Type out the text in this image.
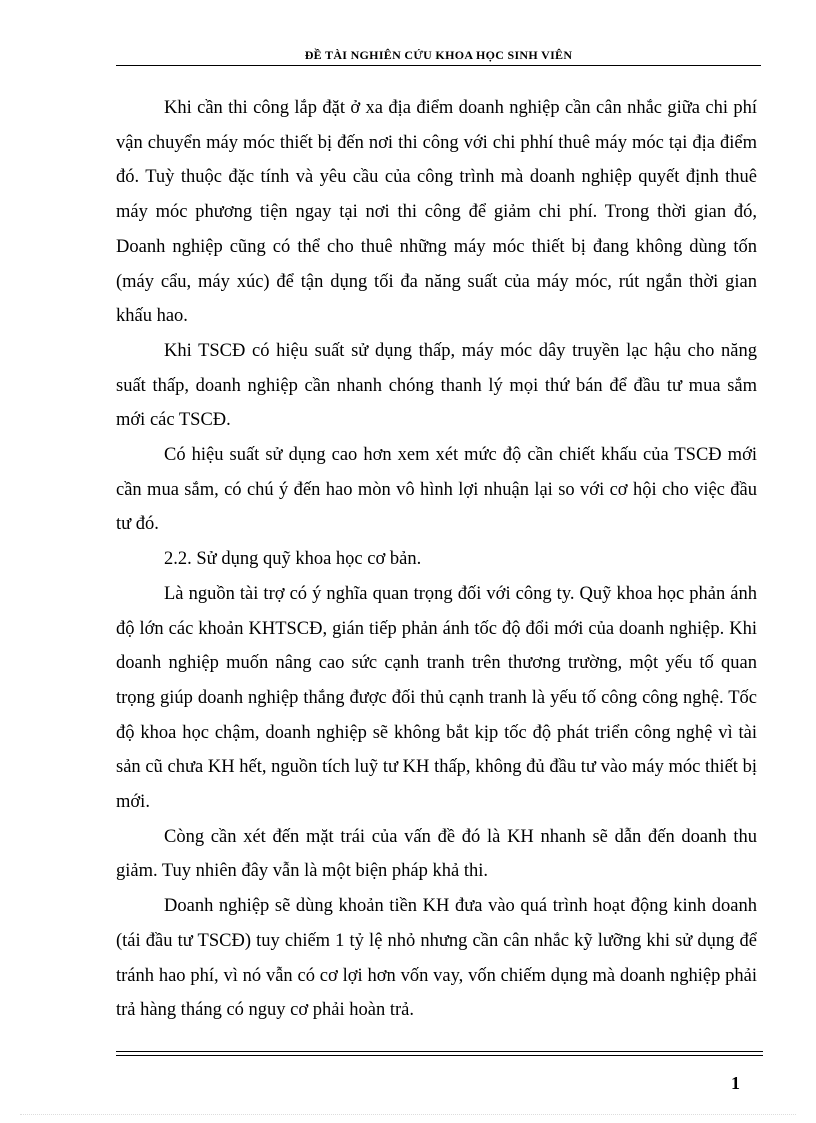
ĐỀ TÀI NGHIÊN CỨU KHOA HỌC SINH VIÊN

Khi cần thi công lắp đặt ở xa địa điểm doanh nghiệp cần cân nhắc giữa chi phí vận chuyển máy móc thiết bị đến nơi thi công với chi phhí thuê máy móc tại địa điểm đó. Tuỳ thuộc đặc tính và yêu cầu của công trình mà doanh nghiệp quyết định thuê máy móc phương tiện ngay tại nơi thi công để giảm chi phí. Trong thời gian đó, Doanh nghiệp cũng có thể cho thuê những máy móc thiết bị đang không dùng tốn (máy cẩu, máy xúc) để tận dụng tối đa năng suất của máy móc, rút ngắn thời gian khấu hao.

Khi TSCĐ có hiệu suất sử dụng thấp, máy móc dây truyền lạc hậu cho năng suất thấp, doanh nghiệp cần nhanh chóng thanh lý mọi thứ bán để đầu tư mua sắm mới các TSCĐ.

Có hiệu suất sử dụng cao hơn xem xét mức độ cần chiết khấu của TSCĐ mới cần mua sắm, có chú ý đến hao mòn vô hình lợi nhuận lại so với cơ hội cho việc đầu tư đó.

2.2. Sử dụng quỹ khoa học cơ bản.

Là nguồn tài trợ có ý nghĩa quan trọng đối với công ty. Quỹ khoa học phản ánh độ lớn các khoản KHTSCĐ, gián tiếp phản ánh tốc độ đổi mới của doanh nghiệp. Khi doanh nghiệp muốn nâng cao sức cạnh tranh trên thương trường, một yếu tố quan trọng giúp doanh nghiệp thắng được đối thủ cạnh tranh là yếu tố công công nghệ. Tốc độ khoa học chậm, doanh nghiệp sẽ không bắt kịp tốc độ phát triển công nghệ vì tài sản cũ chưa KH hết, nguồn tích luỹ tư KH thấp, không đủ đầu tư vào máy móc thiết bị mới.

Còng cần xét đến mặt trái của vấn đề đó là KH nhanh sẽ dẫn đến doanh thu giảm. Tuy nhiên đây vẫn là một biện pháp khả thi.

Doanh nghiệp sẽ dùng khoản tiền KH đưa vào quá trình hoạt động kinh doanh (tái đầu tư TSCĐ) tuy chiếm 1 tỷ lệ nhỏ nhưng cần cân nhắc kỹ lưỡng khi sử dụng để tránh hao phí, vì nó vẫn có cơ lợi hơn vốn vay, vốn chiếm dụng mà doanh nghiệp phải trả hàng tháng có nguy cơ phải hoàn trả.

1
